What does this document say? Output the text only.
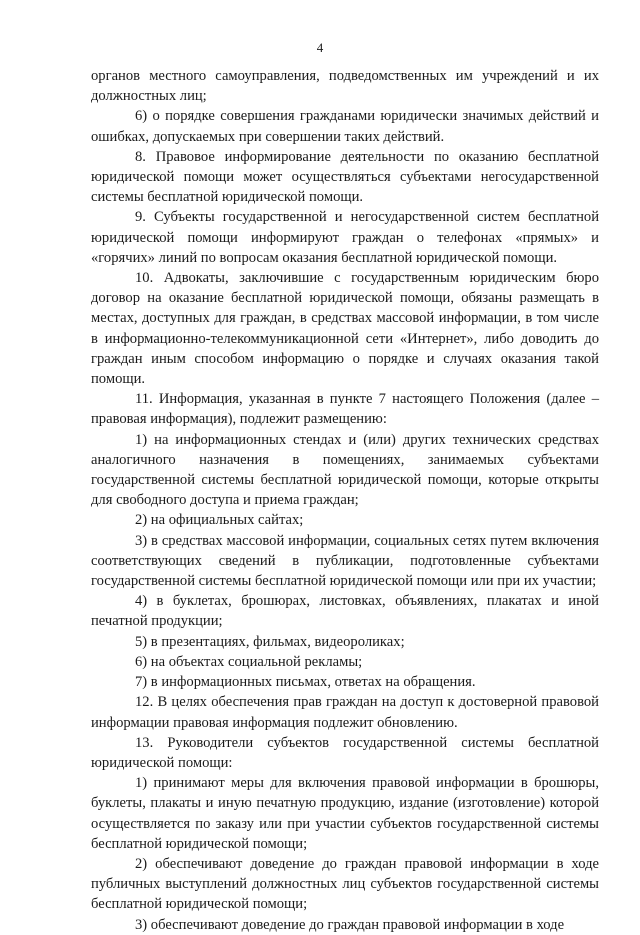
4

органов местного самоуправления, подведомственных им учреждений и их должностных лиц;

6) о порядке совершения гражданами юридически значимых действий и ошибках, допускаемых при совершении таких действий.

8. Правовое информирование деятельности по оказанию бесплатной юридической помощи может осуществляться субъектами негосударственной системы бесплатной юридической помощи.

9. Субъекты государственной и негосударственной систем бесплатной юридической помощи информируют граждан о телефонах «прямых» и «горячих» линий по вопросам оказания бесплатной юридической помощи.

10. Адвокаты, заключившие с государственным юридическим бюро договор на оказание бесплатной юридической помощи, обязаны размещать в местах, доступных для граждан, в средствах массовой информации, в том числе в информационно-телекоммуникационной сети «Интернет», либо доводить до граждан иным способом информацию о порядке и случаях оказания такой помощи.

11. Информация, указанная в пункте 7 настоящего Положения (далее – правовая информация), подлежит размещению:

1) на информационных стендах и (или) других технических средствах аналогичного назначения в помещениях, занимаемых субъектами государственной системы бесплатной юридической помощи, которые открыты для свободного доступа и приема граждан;

2) на официальных сайтах;

3) в средствах массовой информации, социальных сетях путем включения соответствующих сведений в публикации, подготовленные субъектами государственной системы бесплатной юридической помощи или при их участии;

4) в буклетах, брошюрах, листовках, объявлениях, плакатах и иной печатной продукции;

5) в презентациях, фильмах, видеороликах;

6) на объектах социальной рекламы;

7) в информационных письмах, ответах на обращения.

12. В целях обеспечения прав граждан на доступ к достоверной правовой информации правовая информация подлежит обновлению.

13. Руководители субъектов государственной системы бесплатной юридической помощи:

1) принимают меры для включения правовой информации в брошюры, буклеты, плакаты и иную печатную продукцию, издание (изготовление) которой осуществляется по заказу или при участии субъектов государственной системы бесплатной юридической помощи;

2) обеспечивают доведение до граждан правовой информации в ходе публичных выступлений должностных лиц субъектов государственной системы бесплатной юридической помощи;

3) обеспечивают доведение до граждан правовой информации в ходе
